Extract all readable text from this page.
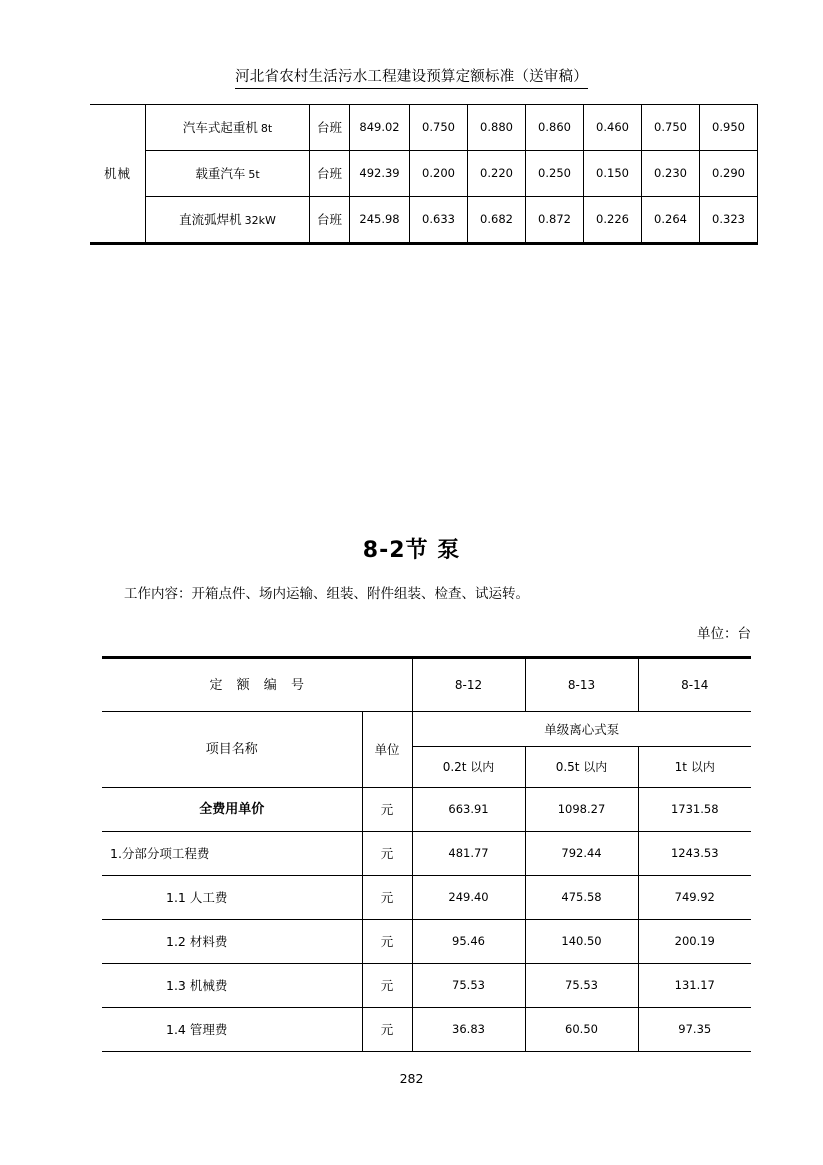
河北省农村生活污水工程建设预算定额标准（送审稿）
机械	汽车式起重机 8t	台班	849.02	0.750	0.880	0.860	0.460	0.750	0.950
	载重汽车 5t	台班	492.39	0.200	0.220	0.250	0.150	0.230	0.290
	直流弧焊机 32kW	台班	245.98	0.633	0.682	0.872	0.226	0.264	0.323
8-2节 泵
工作内容：开箱点件、场内运输、组装、附件组装、检查、试运转。
单位：台
定 额 编 号		8-12	8-13	8-14
项目名称	单位	单级离心式泵		
		0.2t 以内	0.5t 以内	1t 以内
全费用单价	元	663.91	1098.27	1731.58
1.分部分项工程费	元	481.77	792.44	1243.53
1.1 人工费	元	249.40	475.58	749.92
1.2 材料费	元	95.46	140.50	200.19
1.3 机械费	元	75.53	75.53	131.17
1.4 管理费	元	36.83	60.50	97.35
282
